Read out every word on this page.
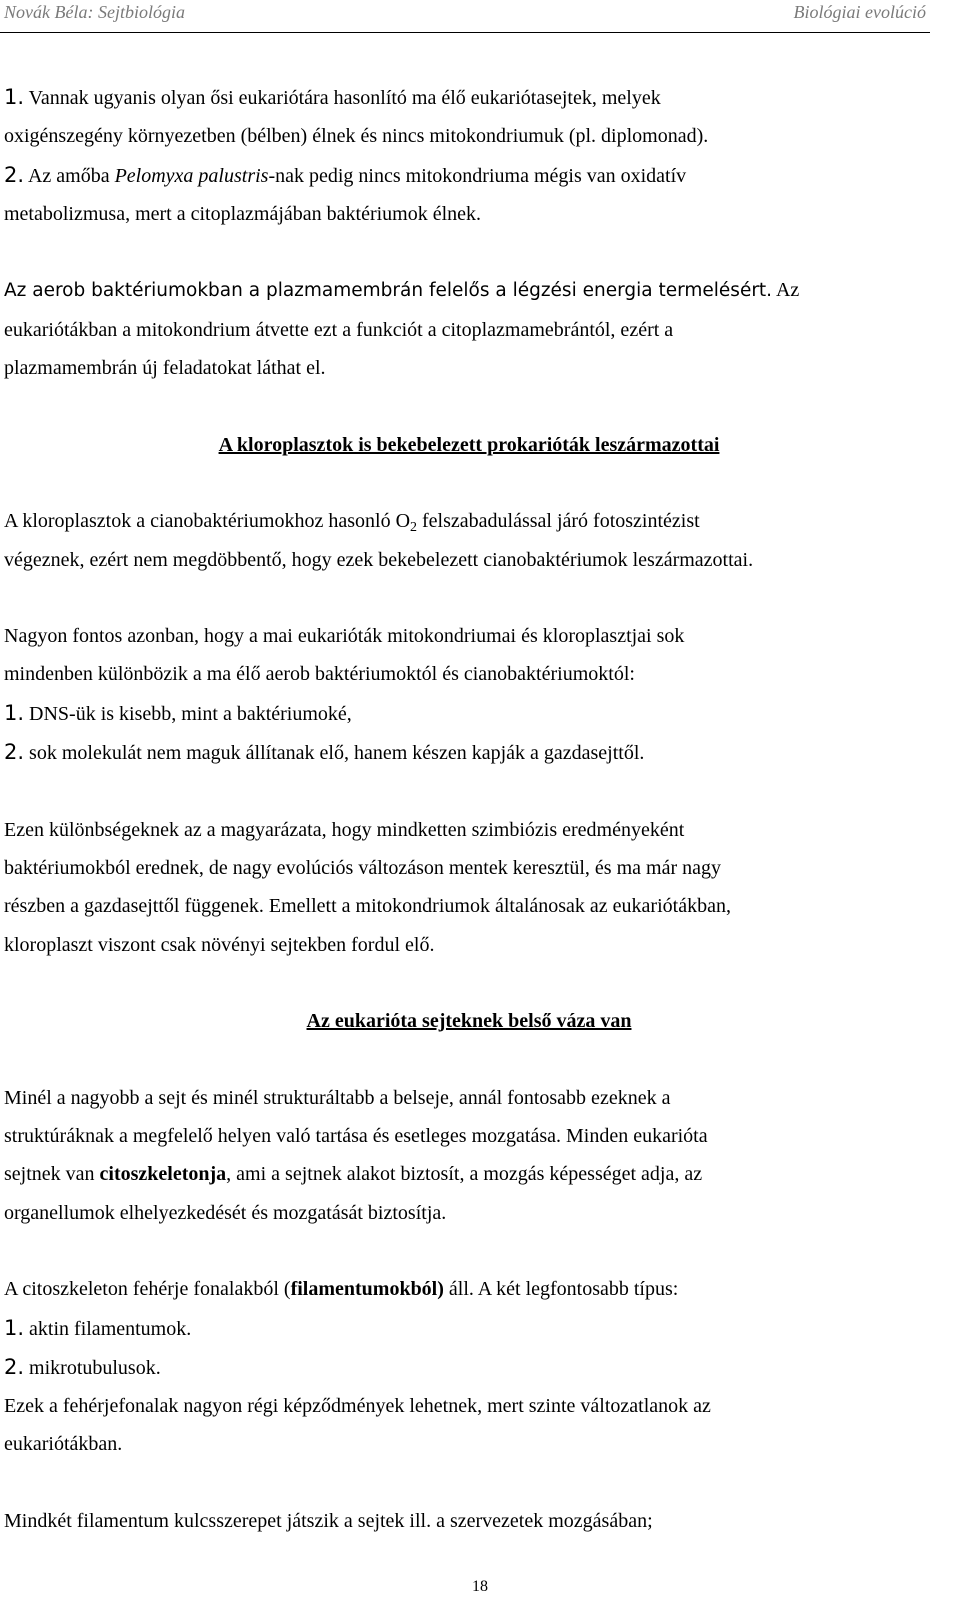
Novák Béla: Sejtbiológia	Biológiai evolúció
1. Vannak ugyanis olyan ősi eukariótára hasonlító ma élő eukariótasejtek, melyek
oxigénszegény környezetben (bélben) élnek és nincs mitokondriumuk (pl. diplomonad).
2. Az amőba Pelomyxa palustris-nak pedig nincs mitokondriuma mégis van oxidatív
metabolizmusa, mert a citoplazmájában baktériumok élnek.
Az aerob baktériumokban a plazmamembrán felelős a légzési energia termelésért. Az
eukariótákban a mitokondrium átvette ezt a funkciót a citoplazmamebrántól, ezért a
plazmamembrán új feladatokat láthat el.
A kloroplasztok is bekebelezett prokarióták leszármazottai
A kloroplasztok a cianobaktériumokhoz hasonló $O_2$ felszabadulással járó fotoszintézist
végeznek, ezért nem megdöbbentő, hogy ezek bekebelezett cianobaktériumok leszármazottai.
Nagyon fontos azonban, hogy a mai eukarióták mitokondriumai és kloroplasztjai sok
mindenben különbözik a ma élő aerob baktériumoktól és cianobaktériumoktól:
1. DNS-ük is kisebb, mint a baktériumoké,
2. sok molekulát nem maguk állítanak elő, hanem készen kapják a gazdasejttől.
Ezen különbségeknek az a magyarázata, hogy mindketten szimbiózis eredményeként
baktériumokból erednek, de nagy evolúciós változáson mentek keresztül, és ma már nagy
részben a gazdasejttől függenek. Emellett a mitokondriumok általánosak az eukariótákban,
kloroplaszt viszont csak növényi sejtekben fordul elő.
Az eukarióta sejteknek belső váza van
Minél a nagyobb a sejt és minél strukturáltabb a belseje, annál fontosabb ezeknek a
struktúráknak a megfelelő helyen való tartása és esetleges mozgatása. Minden eukarióta
sejtnek van citoszkeletonja, ami a sejtnek alakot biztosít, a mozgás képességet adja, az
organellumok elhelyezkedését és mozgatását biztosítja.
A citoszkeleton fehérje fonalakból (filamentumokból) áll. A két legfontosabb típus:
1. aktin filamentumok.
2. mikrotubulusok.
Ezek a fehérjefonalak nagyon régi képződmények lehetnek, mert szinte változatlanok az
eukariótákban.
Mindkét filamentum kulcsszerepet játszik a sejtek ill. a szervezetek mozgásában;
18
